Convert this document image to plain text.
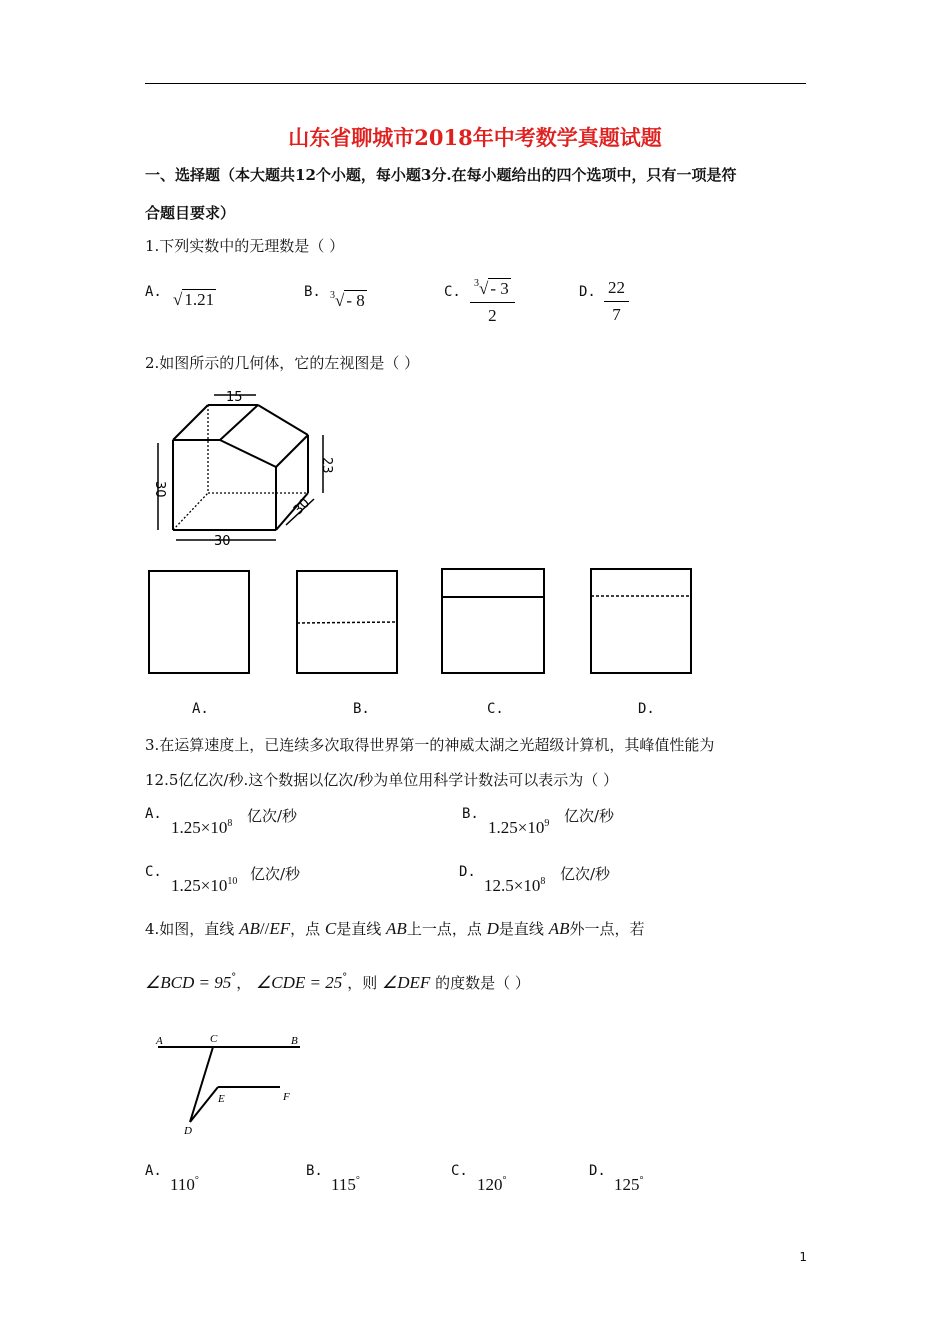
山东省聊城市2018年中考数学真题试题
一、选择题（本大题共12个小题，每小题3分.在每小题给出的四个选项中，只有一项是符
合题目要求）
1.下列实数中的无理数是（ ）
A. √ 1.21	B. $^3$√ - 8	C. $\frac{^3√ - 3}{2}$	D. $\frac{22}{7}$
2.如图所示的几何体，它的左视图是（ ）
15
30
30
23
30
A.	B.	C.	D.
3.在运算速度上，已连续多次取得世界第一的神威太湖之光超级计算机，其峰值性能为
12.5亿亿次/秒.这个数据以亿次/秒为单位用科学计数法可以表示为（ ）
A.
$1.25\times 10^8$ 亿次/秒	B.
$1.25\times 10^9$ 亿次/秒
C.
$1.25\times 10^{10}$ 亿次/秒	D.
$12.5\times 10^8$ 亿次/秒
4.如图，直线 AB//EF，点 C是直线 AB上一点，点 D是直线 AB外一点，若
∠BCD = 95°， ∠CDE = 25°，则 ∠DEF 的度数是（ ）
A	C	B
E	F
D
A.
110°
B.
115°
C.
120°
D.
125°
1
